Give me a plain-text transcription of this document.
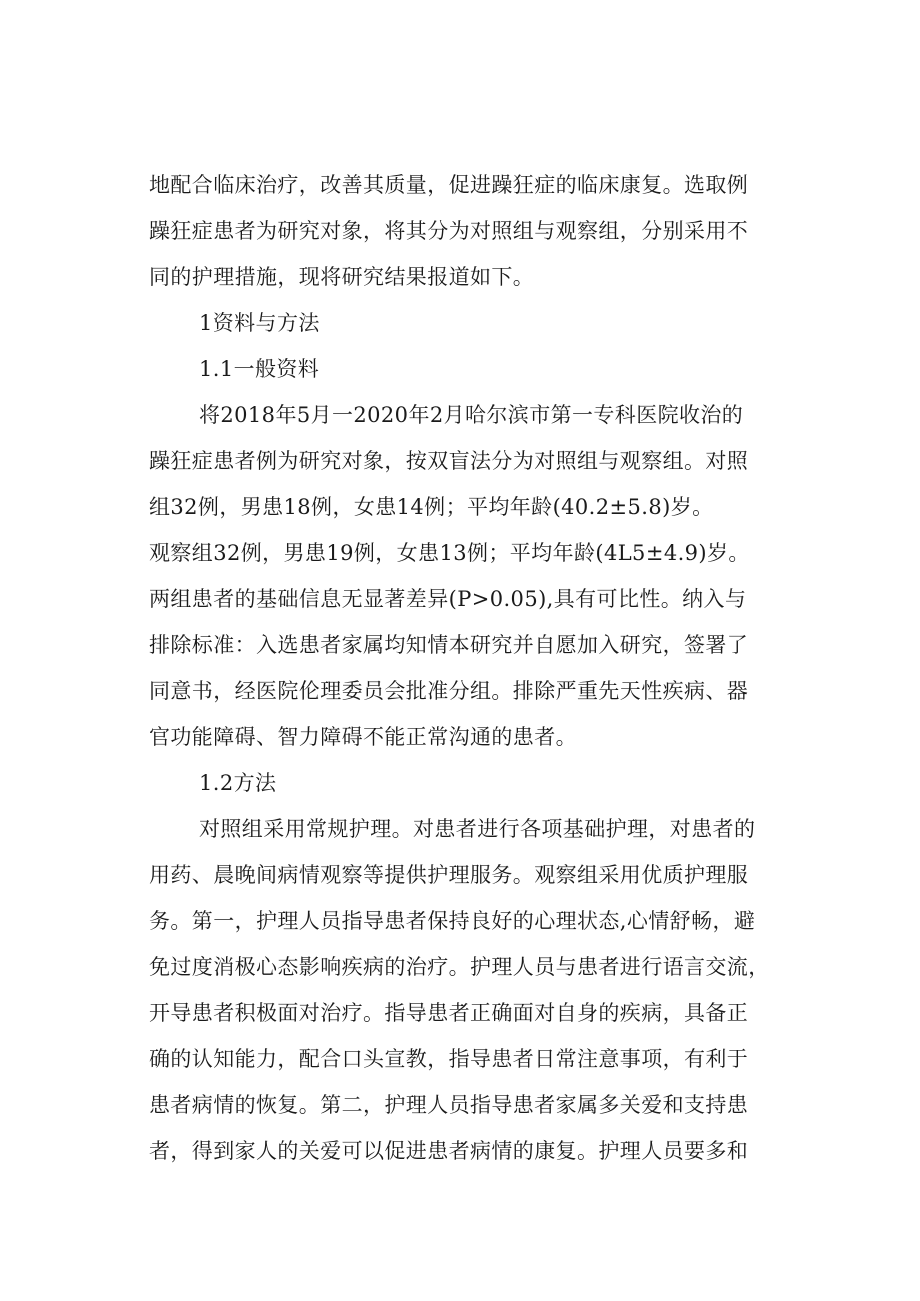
地配合临床治疗，改善其质量，促进躁狂症的临床康复。选取例
躁狂症患者为研究对象，将其分为对照组与观察组，分别采用不
同的护理措施，现将研究结果报道如下。
1资料与方法
1.1一般资料
将2018年5月一2020年2月哈尔滨市第一专科医院收治的
躁狂症患者例为研究对象，按双盲法分为对照组与观察组。对照
组32例，男患18例，女患14例；平均年龄(40.2±5.8)岁。
观察组32例，男患19例，女患13例；平均年龄(4L5±4.9)岁。
两组患者的基础信息无显著差异(P>0.05),具有可比性。纳入与
排除标准：入选患者家属均知情本研究并自愿加入研究，签署了
同意书，经医院伦理委员会批准分组。排除严重先天性疾病、器
官功能障碍、智力障碍不能正常沟通的患者。
1.2方法
对照组采用常规护理。对患者进行各项基础护理，对患者的
用药、晨晚间病情观察等提供护理服务。观察组采用优质护理服
务。第一，护理人员指导患者保持良好的心理状态,心情舒畅，避
免过度消极心态影响疾病的治疗。护理人员与患者进行语言交流，
开导患者积极面对治疗。指导患者正确面对自身的疾病，具备正
确的认知能力，配合口头宣教，指导患者日常注意事项，有利于
患者病情的恢复。第二，护理人员指导患者家属多关爱和支持患
者，得到家人的关爱可以促进患者病情的康复。护理人员要多和
